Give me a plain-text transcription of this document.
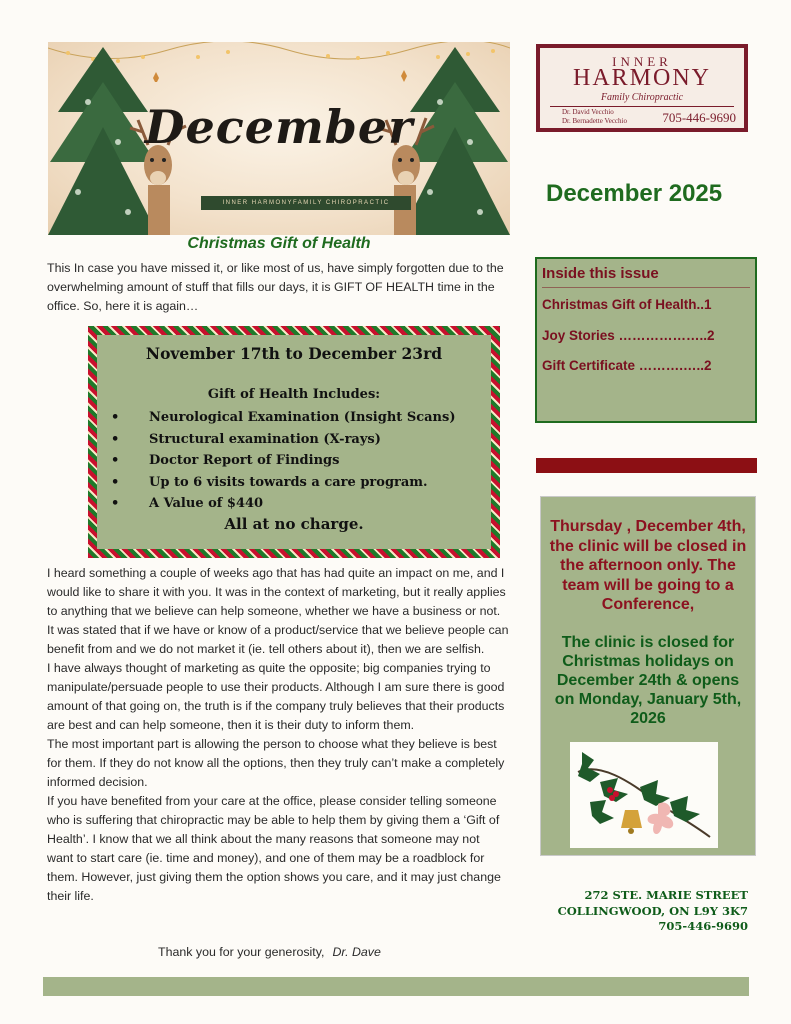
December
INNER HARMONYFAMILY CHIROPRACTIC
INNER
HARMONY
Family Chiropractic
Dr. David Vecchio
Dr. Bernadette Vecchio	705-446-9690
December 2025
Inside this issue
Christmas Gift of Health..1
Joy Stories ………………..2
Gift Certificate ……….…..2
Thursday , December 4th, the clinic will be closed in the afternoon only. The team will be going to a Conference,
The clinic is closed for Christmas holidays on December 24th & opens on Monday, January 5th, 2026
272 STE. MARIE STREET
COLLINGWOOD, ON L9Y 3K7
705-446-9690
Christmas Gift of Health
This In case you have missed it, or like most of us, have simply forgotten due to the overwhelming amount of stuff that fills our days, it is GIFT OF HEALTH time in the office. So, here it is again…
November 17th to December 23rd
Gift of Health Includes:
• Neurological Examination (Insight Scans)
• Structural examination (X-rays)
• Doctor Report of Findings
• Up to 6 visits towards a care program.
• A Value of $440
All at no charge.

I heard something a couple of weeks ago that has had quite an impact on me, and I would like to share it with you. It was in the context of marketing, but it really applies to anything that we believe can help someone, whether we have a business or not. It was stated that if we have or know of a product/service that we believe people can benefit from and we do not market it (ie. tell others about it), then we are selfish.

I have always thought of marketing as quite the opposite; big companies trying to manipulate/persuade people to use their products. Although I am sure there is good amount of that going on, the truth is if the company truly believes that their products are best and can help someone, then it is their duty to inform them.

The most important part is allowing the person to choose what they believe is best for them. If they do not know all the options, then they truly can’t make a completely informed decision.

If you have benefited from your care at the office, please consider telling someone who is suffering that chiropractic may be able to help them by giving them a ‘Gift of Health’. I know that we all think about the many reasons that someone may not want to start care (ie. time and money), and one of them may be a roadblock for them. However, just giving them the option shows you care, and it may just change their life.

Thank you for your generosity, Dr. Dave
